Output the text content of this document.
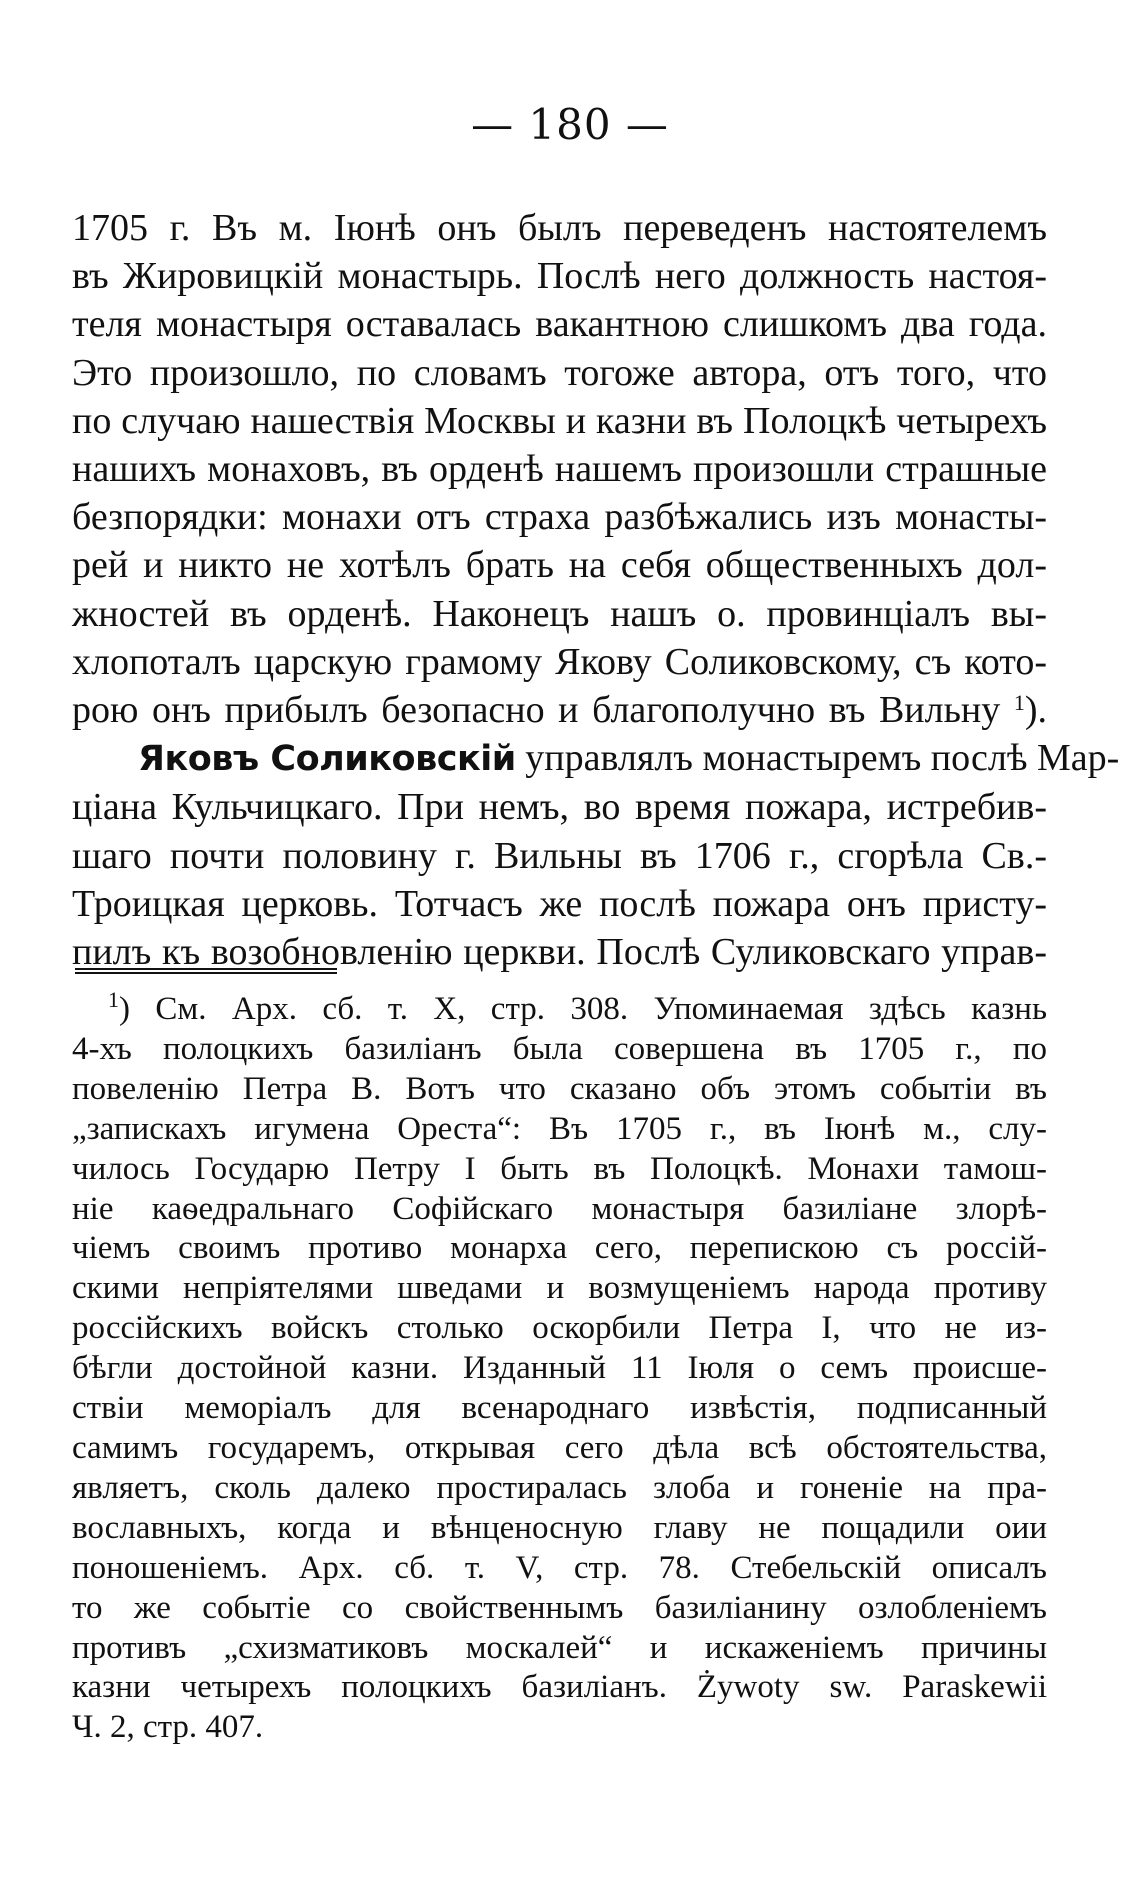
— 180 —
1705 г. Въ м. Іюнѣ онъ былъ переведенъ настоятелемъ
въ Жировицкій монастырь. Послѣ него должность настоя-
теля монастыря оставалась вакантною слишкомъ два года.
Это произошло, по словамъ тогоже автора, отъ того, что
по случаю нашествія Москвы и казни въ Полоцкѣ четырехъ
нашихъ монаховъ, въ орденѣ нашемъ произошли страшные
безпорядки: монахи отъ страха разбѣжались изъ монасты-
рей и никто не хотѣлъ брать на себя общественныхъ дол-
жностей въ орденѣ. Наконецъ нашъ о. провинціалъ вы-
хлопоталъ царскую грамому Якову Соликовскому, съ кото-
рою онъ прибылъ безопасно и благополучно въ Вильну $^1$).
Яковъ Соликовскій управлялъ монастыремъ послѣ Мар-
ціана Кульчицкаго. При немъ, во время пожара, истребив-
шаго почти половину г. Вильны въ 1706 г., сгорѣла Св.-
Троицкая церковь. Тотчасъ же послѣ пожара онъ присту-
пилъ къ возобновленію церкви. Послѣ Суликовскаго управ-
$^1$) См. Арх. сб. т. X, стр. 308. Упоминаемая здѣсь казнь
4-хъ полоцкихъ базиліанъ была совершена въ 1705 г., по
повеленію Петра В. Вотъ что сказано объ этомъ событіи въ
„запискахъ игумена Ореста“: Въ 1705 г., въ Іюнѣ м., слу-
чилось Государю Петру I быть въ Полоцкѣ. Монахи тамош-
ніе каѳедральнаго Софійскаго монастыря базиліане злорѣ-
чіемъ своимъ противо монарха сего, перепискою съ россій-
скими непріятелями шведами и возмущеніемъ народа противу
россійскихъ войскъ столько оскорбили Петра I, что не из-
бѣгли достойной казни. Изданный 11 Іюля о семъ происше-
ствіи меморіалъ для всенароднаго извѣстія, подписанный
самимъ государемъ, открывая сего дѣла всѣ обстоятельства,
являетъ, сколь далеко простиралась злоба и гоненіе на пра-
вославныхъ, когда и вѣнценосную главу не пощадили оии
поношеніемъ. Арх. сб. т. V, стр. 78. Стебельскій описалъ
то же событіе со свойственнымъ базиліанину озлобленіемъ
противъ „схизматиковъ москалей“ и искаженіемъ причины
казни четырехъ полоцкихъ базиліанъ. Żywoty sw. Paraskewii
Ч. 2, стр. 407.
